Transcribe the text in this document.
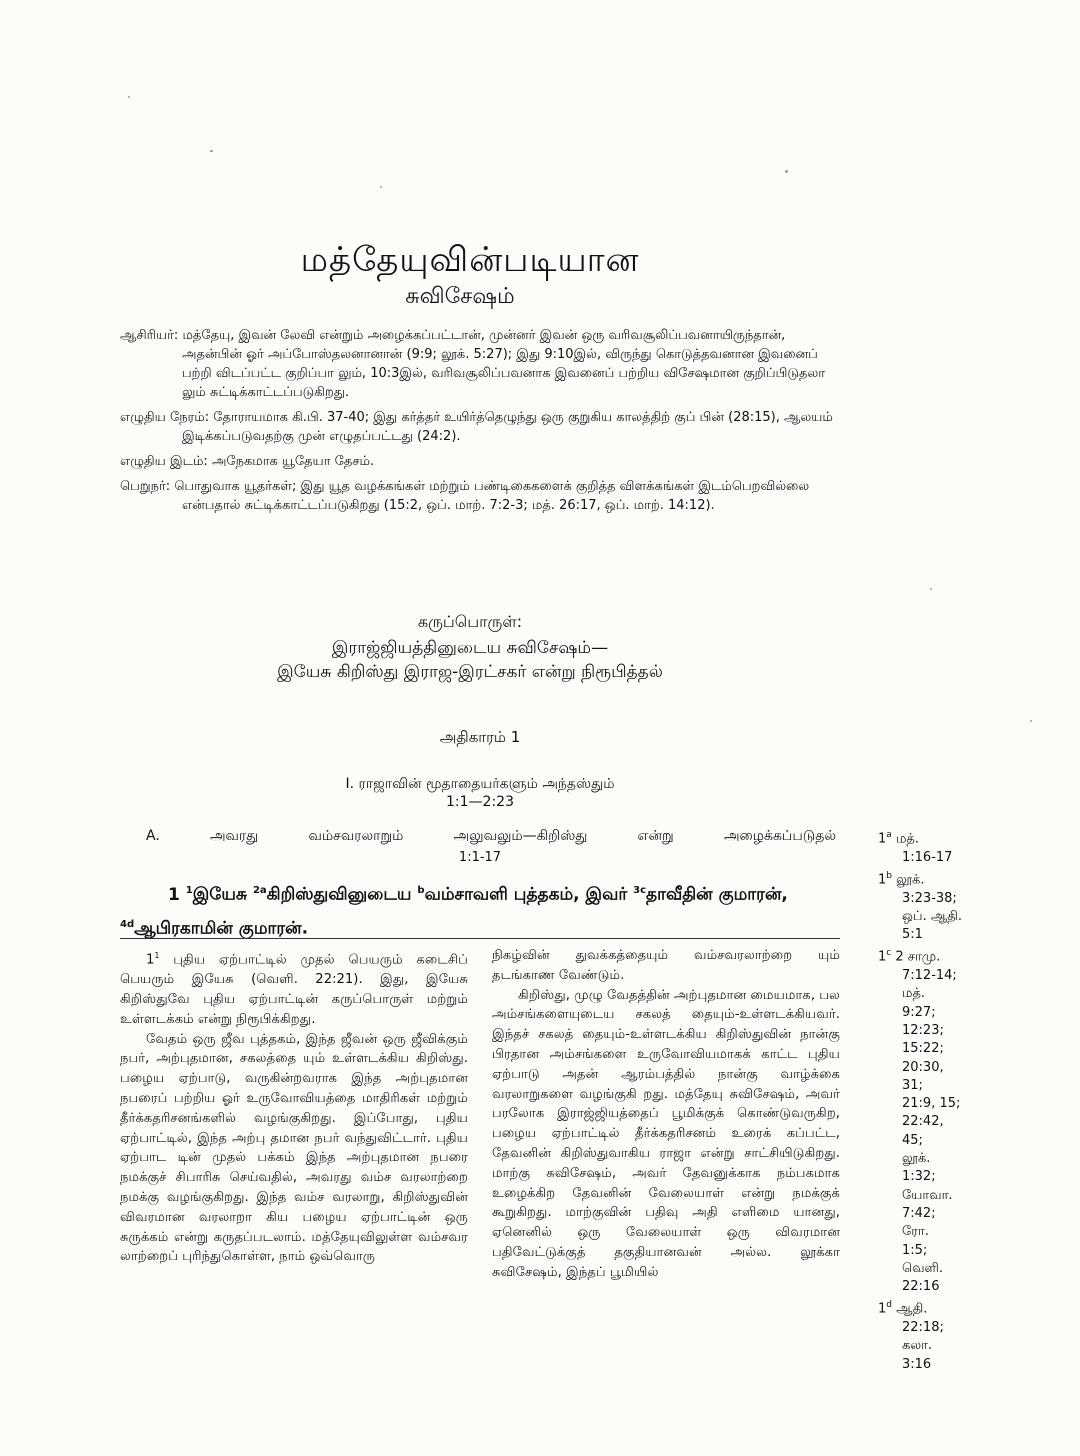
மத்தேயுவின்படியான
சுவிசேஷம்
ஆசிரியர்: மத்தேயு, இவன் லேவி என்றும் அழைக்கப்பட்டான், முன்னர் இவன் ஒரு வரிவசூலிப்பவனாயிருந்தான், அதன்பின் ஓர் அப்போஸ்தலனானான் (9:9; லூக். 5:27); இது 9:10இல், விருந்து கொடுத்தவனான இவனைப் பற்றி விடப்பட்ட குறிப்பா லும், 10:3இல், வரிவசூலிப்பவனாக இவனைப் பற்றிய விசேஷமான குறிப்பிடுதலா லும் சுட்டிக்காட்டப்படுகிறது.
எழுதிய நேரம்: தோராயமாக கி.பி. 37-40; இது கர்த்தர் உயிர்த்தெழுந்து ஒரு குறுகிய காலத்திற் குப் பின் (28:15), ஆலயம் இடிக்கப்படுவதற்கு முன் எழுதப்பட்டது (24:2).
எழுதிய இடம்: அநேகமாக யூதேயா தேசம்.
பெறுநர்: பொதுவாக யூதர்கள்; இது யூத வழக்கங்கள் மற்றும் பண்டிகைகளைக் குறித்த விளக்கங்கள் இடம்பெறவில்லை என்பதால் சுட்டிக்காட்டப்படுகிறது (15:2, ஒப். மாற். 7:2-3; மத். 26:17, ஒப். மாற். 14:12).
கருப்பொருள்:
இராஜ்ஜியத்தினுடைய சுவிசேஷம்—
இயேசு கிறிஸ்து இராஜ-இரட்சகர் என்று நிரூபித்தல்
அதிகாரம் 1
I. ராஜாவின் மூதாதையர்களும் அந்தஸ்தும்
1:1—2:23
A. அவரது வம்சவரலாறும் அலுவலும்—கிறிஸ்து என்று அழைக்கப்படுதல்
1:1-17
1 $^1$இயேசு $^{2a}$கிறிஸ்துவினுடைய $^b$வம்சாவளி புத்தகம், இவர் $^{3c}$தாவீதின் குமாரன், $^{4d}$ஆபிரகாமின் குமாரன்.

$1^1$ புதிய ஏற்பாட்டில் முதல் பெயரும் கடைசிப் பெயரும் இயேசு (வெளி. 22:21). இது, இயேசு கிறிஸ்துவே புதிய ஏற்பாட்டின் கருப்பொருள் மற்றும் உள்ளடக்கம் என்று நிரூபிக்கிறது.

வேதம் ஒரு ஜீவ புத்தகம், இந்த ஜீவன் ஒரு ஜீவிக்கும் நபர், அற்புதமான, சகலத்தை யும் உள்ளடக்கிய கிறிஸ்து. பழைய ஏற்பாடு, வருகின்றவராக இந்த அற்புதமான நபரைப் பற்றிய ஓர் உருவோவியத்தை மாதிரிகள் மற்றும் தீர்க்கதரிசனங்களில் வழங்குகிறது. இப்போது, புதிய ஏற்பாட்டில், இந்த அற்பு தமான நபர் வந்துவிட்டார். புதிய ஏற்பாட டின் முதல் பக்கம் இந்த அற்புதமான நபரை நமக்குச் சிபாரிசு செய்வதில், அவரது வம்ச வரலாற்றை நமக்கு வழங்குகிறது. இந்த வம்ச வரலாறு, கிறிஸ்துவின் விவரமான வரலாறா கிய பழைய ஏற்பாட்டின் ஒரு சுருக்கம் என்று கருதப்படலாம். மத்தேயுவிலுள்ள வம்சவர லாற்றைப் புரிந்துகொள்ள, நாம் ஒவ்வொரு

நிகழ்வின் துவக்கத்தையும் வம்சவரலாற்றை யும் தடங்காண வேண்டும்.

கிறிஸ்து, முழு வேதத்தின் அற்புதமான மையமாக, பல அம்சங்களையுடைய சகலத் தையும்-உள்ளடக்கியவர். இந்தச் சகலத் தையும்-உள்ளடக்கிய கிறிஸ்துவின் நான்கு பிரதான அம்சங்களை உருவோவியமாகக் காட்ட புதிய ஏற்பாடு அதன் ஆரம்பத்தில் நான்கு வாழ்க்கை வரலாறுகளை வழங்குகி றது. மத்தேயு சுவிசேஷம், அவர் பரலோக இராஜ்ஜியத்தைப் பூமிக்குக் கொண்டுவருகிற, பழைய ஏற்பாட்டில் தீர்க்கதரிசனம் உரைக் கப்பட்ட, தேவனின் கிறிஸ்துவாகிய ராஜா என்று சாட்சியிடுகிறது. மாற்கு சுவிசேஷம், அவர் தேவனுக்காக நம்பகமாக உழைக்கிற தேவனின் வேலையாள் என்று நமக்குக் கூறுகிறது. மாற்குவின் பதிவு அதி எளிமை யானது, ஏனெனில் ஒரு வேலையாள் ஒரு விவரமான பதிவேட்டுக்குத் தகுதியானவன் அல்ல. லூக்கா சுவிசேஷம், இந்தப் பூமியில்

1$^a$ மத்.
1:16-17
1$^b$ லூக்.
3:23-38;
ஒப். ஆதி.
5:1
1$^c$ 2 சாமு.
7:12-14;
மத்.
9:27;
12:23;
15:22;
20:30, 31;
21:9, 15;
22:42, 45;
லூக்.
1:32;
யோவா.
7:42;
ரோ.
1:5;
வெளி.
22:16
1$^d$ ஆதி.
22:18;
கலா.
3:16
